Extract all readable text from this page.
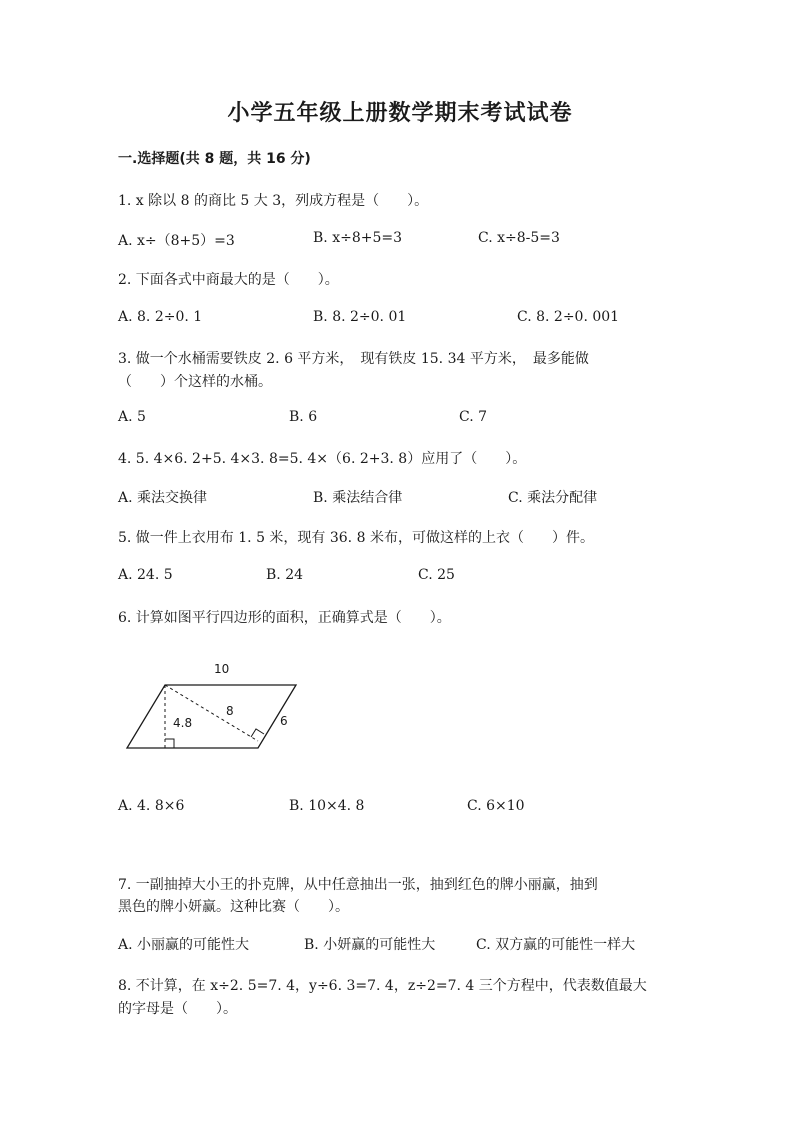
小学五年级上册数学期末考试试卷
一.选择题(共 8 题，共 16 分)
1. x 除以 8 的商比 5 大 3，列成方程是（　　）。
A. x÷（8+5）=3	B. x÷8+5=3	C. x÷8-5=3
2. 下面各式中商最大的是（　　）。
A. 8. 2÷0. 1	B. 8. 2÷0. 01	C. 8. 2÷0. 001
3. 做一个水桶需要铁皮 2. 6 平方米，　现有铁皮 15. 34 平方米，　最多能做
（　　）个这样的水桶。
A. 5	B. 6	C. 7
4. 5. 4×6. 2+5. 4×3. 8=5. 4×（6. 2+3. 8）应用了（　　）。
A. 乘法交换律	B. 乘法结合律	C. 乘法分配律
5. 做一件上衣用布 1. 5 米，现有 36. 8 米布，可做这样的上衣（　　）件。
A. 24. 5	B. 24	C. 25
6. 计算如图平行四边形的面积，正确算式是（　　）。
10
4.8
8
6
A. 4. 8×6	B. 10×4. 8	C. 6×10
7. 一副抽掉大小王的扑克牌，从中任意抽出一张，抽到红色的牌小丽赢，抽到
黑色的牌小妍赢。这种比赛（　　）。
A. 小丽赢的可能性大	B. 小妍赢的可能性大	C. 双方赢的可能性一样大
8. 不计算，在 x÷2. 5=7. 4，y÷6. 3=7. 4，z÷2=7. 4 三个方程中，代表数值最大
的字母是（　　）。
